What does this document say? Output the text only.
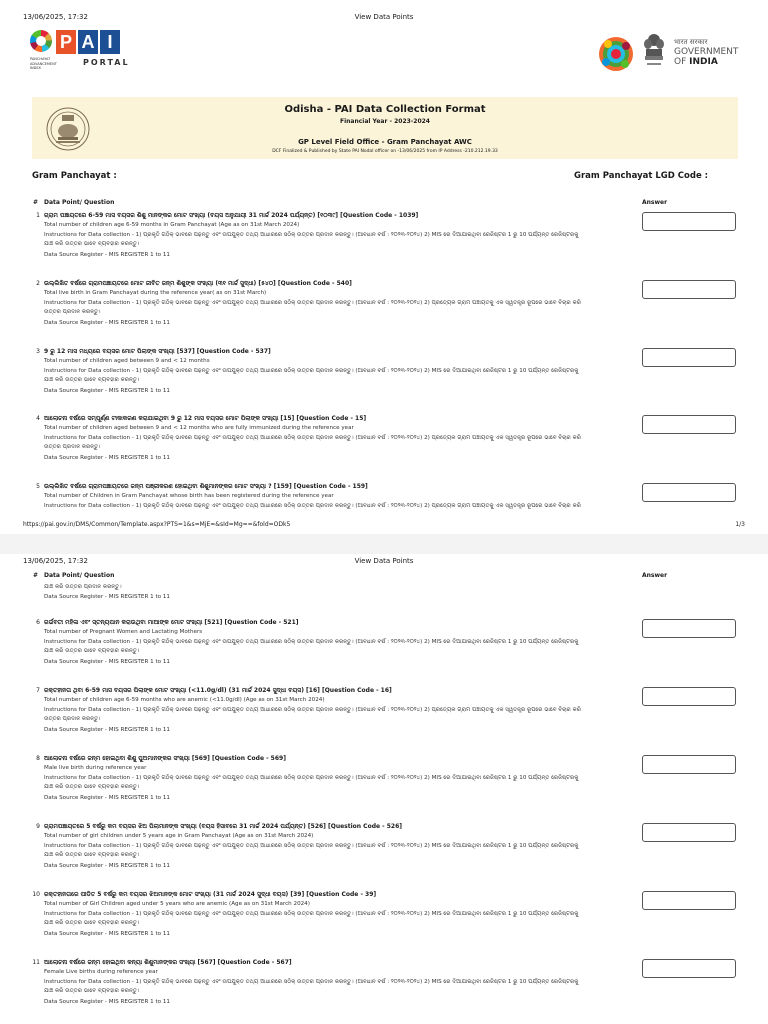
13/06/2025, 17:32	View Data Points
P A I
PANCHAYAT ADVANCEMENT INDEX
PORTAL
भारत सरकार
GOVERNMENT
OF INDIA
Odisha - PAI Data Collection Format
Financial Year - 2023-2024
GP Level Field Office - Gram Panchayat AWC
DCF Finalized & Published by State PAI Nodal officer on -13/06/2025 from IP Address -210.212.19.33
Gram Panchayat :	Gram Panchayat LGD Code :
# Data Point/ Question	Answer
1 ଗ୍ରାମ ପଞ୍ଚାୟତରେ 6-59 ମାସ ବୟସର ଶିଶୁ ମାନଙ୍କର ମୋଟ ସଂଖ୍ୟା (ବୟସ ଅନୁଯାୟୀ 31 ମାର୍ଚ୍ଚ 2024 ପର୍ଯ୍ୟନ୍ତ) [୧୦୩୯] [Question Code - 1039]
Total number of children age 6-59 months in Gram Panchayat (Age as on 31st March 2024)
Instructions for Data collection - 1) ପ୍ରକୃତି ଗଠିକ୍ ଭାବରେ ପଢ଼ନ୍ତୁ ଏବଂ ଉପଯୁକ୍ତ ତଥ୍ୟ ଆଧାରରେ ସଠିକ୍ ଉତ୍ତର ପ୍ରଦାନ କରନ୍ତୁ। (ଆବଧାନ ବର୍ଷ : ୨୦୨୩-୨୦୨୪) 2) MIS ରେ ଦିଆଯାଇଥିବା ରେଜିଷ୍ଟର 1 ରୁ 10 ପର୍ଯ୍ୟନ୍ତ ରେଜିଷ୍ଟରକୁ
ଯାଞ୍ଚ କରି ଉତ୍ତର ଭାବେ ବ୍ୟବହାର କରନ୍ତୁ।
Data Source Register - MIS REGISTER 1 to 11
2 ଉଲ୍ଲିଖିତ ବର୍ଷରେ ଗ୍ରାମପଞ୍ଚାୟତରେ ମୋଟ ଜୀବିତ ଜନ୍ମ ଶିଶୁଙ୍କ ସଂଖ୍ୟା (୩୧ ମାର୍ଚ୍ଚ ସୁଦ୍ଧା) [୫୪୦] [Question Code - 540]
Total live birth in Gram Panchayat during the reference year( as on 31st March)
Instructions for Data collection - 1) ପ୍ରକୃତି ଗଠିକ୍ ଭାବରେ ପଢ଼ନ୍ତୁ ଏବଂ ଉପଯୁକ୍ତ ତଥ୍ୟ ଆଧାରରେ ସଠିକ୍ ଉତ୍ତର ପ୍ରଦାନ କରନ୍ତୁ। (ଆବଧାନ ବର୍ଷ : ୨୦୨୩-୨୦୨୪) 2) ପ୍ରତ୍ୟେକ ଗ୍ରାମ ପଞ୍ଚାୟତକୁ ଏକ ସ୍ୱତନ୍ତ୍ର ରୂପରେ ଭାବେ ବିଚାର କରି
ଉତ୍ତର ପ୍ରଦାନ କରନ୍ତୁ।
Data Source Register - MIS REGISTER 1 to 11
3 9 ରୁ 12 ମାସ ମଧ୍ୟରେ ବୟସର ମୋଟ ପିଲାଙ୍କ ସଂଖ୍ୟା [537] [Question Code - 537]
Total number of children aged between 9 and < 12 months
Instructions for Data collection - 1) ପ୍ରକୃତି ଗଠିକ୍ ଭାବରେ ପଢ଼ନ୍ତୁ ଏବଂ ଉପଯୁକ୍ତ ତଥ୍ୟ ଆଧାରରେ ସଠିକ୍ ଉତ୍ତର ପ୍ରଦାନ କରନ୍ତୁ। (ଆବଧାନ ବର୍ଷ : ୨୦୨୩-୨୦୨୪) 2) MIS ରେ ଦିଆଯାଇଥିବା ରେଜିଷ୍ଟର 1 ରୁ 10 ପର୍ଯ୍ୟନ୍ତ ରେଜିଷ୍ଟରକୁ
ଯାଞ୍ଚ କରି ଉତ୍ତର ଭାବେ ବ୍ୟବହାର କରନ୍ତୁ।
Data Source Register - MIS REGISTER 1 to 11
4 ଆଲୋଚନା ବର୍ଷରେ ସମ୍ପୂର୍ଣ୍ଣ ଟୀକାକରଣ କରାଯାଇଥିବା 9 ରୁ 12 ମାସ ବୟସର ମୋଟ ପିଲାଙ୍କ ସଂଖ୍ୟା [15] [Question Code - 15]
Total number of children aged between 9 and < 12 months who are fully immunized during the reference year
Instructions for Data collection - 1) ପ୍ରକୃତି ଗଠିକ୍ ଭାବରେ ପଢ଼ନ୍ତୁ ଏବଂ ଉପଯୁକ୍ତ ତଥ୍ୟ ଆଧାରରେ ସଠିକ୍ ଉତ୍ତର ପ୍ରଦାନ କରନ୍ତୁ। (ଆବଧାନ ବର୍ଷ : ୨୦୨୩-୨୦୨୪) 2) ପ୍ରତ୍ୟେକ ଗ୍ରାମ ପଞ୍ଚାୟତକୁ ଏକ ସ୍ୱତନ୍ତ୍ର ରୂପରେ ଭାବେ ବିଚାର କରି
ଉତ୍ତର ପ୍ରଦାନ କରନ୍ତୁ।
Data Source Register - MIS REGISTER 1 to 11
5 ଉଲ୍ଲିଖିତ ବର୍ଷରେ ଗ୍ରାମପଞ୍ଚାୟତରେ ଜନ୍ମ ପଞ୍ଜୀକରଣ ହୋଇଥିବା ଶିଶୁମାନଙ୍କର ମୋଟ ସଂଖ୍ୟା ? [159] [Question Code - 159]
Total number of Children in Gram Panchayat whose birth has been registered during the reference year
Instructions for Data collection - 1) ପ୍ରକୃତି ଗଠିକ୍ ଭାବରେ ପଢ଼ନ୍ତୁ ଏବଂ ଉପଯୁକ୍ତ ତଥ୍ୟ ଆଧାରରେ ସଠିକ୍ ଉତ୍ତର ପ୍ରଦାନ କରନ୍ତୁ। (ଆବଧାନ ବର୍ଷ : ୨୦୨୩-୨୦୨୪) 2) ପ୍ରତ୍ୟେକ ଗ୍ରାମ ପଞ୍ଚାୟତକୁ ଏକ ସ୍ୱତନ୍ତ୍ର ରୂପରେ ଭାବେ ବିଚାର କରି
https://pai.gov.in/DMS/Common/Template.aspx?PTS=1&s=MjE=&sId=Mg==&fold=ODk5	1/3
13/06/2025, 17:32	View Data Points
# Data Point/ Question	Answer
ଯାଞ୍ଚ କରି ଉତ୍ତର ପ୍ରଦାନ କରନ୍ତୁ।
Data Source Register - MIS REGISTER 1 to 11
6 ଗର୍ଭବତୀ ମହିଳା ଏବଂ ସ୍ତନ୍ୟପାନ କରାଉଥିବା ମାଆଙ୍କ ମୋଟ ସଂଖ୍ୟା [521] [Question Code - 521]
Total number of Pregnant Women and Lactating Mothers
Instructions for Data collection - 1) ପ୍ରକୃତି ଗଠିକ୍ ଭାବରେ ପଢ଼ନ୍ତୁ ଏବଂ ଉପଯୁକ୍ତ ତଥ୍ୟ ଆଧାରରେ ସଠିକ୍ ଉତ୍ତର ପ୍ରଦାନ କରନ୍ତୁ। (ଆବଧାନ ବର୍ଷ : ୨୦୨୩-୨୦୨୪) 2) MIS ରେ ଦିଆଯାଇଥିବା ରେଜିଷ୍ଟର 1 ରୁ 10 ପର୍ଯ୍ୟନ୍ତ ରେଜିଷ୍ଟରକୁ
ଯାଞ୍ଚ କରି ଉତ୍ତର ଭାବେ ବ୍ୟବହାର କରନ୍ତୁ।
Data Source Register - MIS REGISTER 1 to 11
7 ରକ୍ତହୀନତା ଥିବା 6-59 ମାସ ବୟସର ପିଲାଙ୍କ ମୋଟ ସଂଖ୍ୟା (<11.0g/dl) (31 ମାର୍ଚ୍ଚ 2024 ସୁଦ୍ଧା ବୟସ) [16] [Question Code - 16]
Total number of children age 6-59 months who are anemic (<11.0g/dl) (Age as on 31st March 2024)
Instructions for Data collection - 1) ପ୍ରକୃତି ଗଠିକ୍ ଭାବରେ ପଢ଼ନ୍ତୁ ଏବଂ ଉପଯୁକ୍ତ ତଥ୍ୟ ଆଧାରରେ ସଠିକ୍ ଉତ୍ତର ପ୍ରଦାନ କରନ୍ତୁ। (ଆବଧାନ ବର୍ଷ : ୨୦୨୩-୨୦୨୪) 2) ପ୍ରତ୍ୟେକ ଗ୍ରାମ ପଞ୍ଚାୟତକୁ ଏକ ସ୍ୱତନ୍ତ୍ର ରୂପରେ ଭାବେ ବିଚାର କରି
ଉତ୍ତର ପ୍ରଦାନ କରନ୍ତୁ।
Data Source Register - MIS REGISTER 1 to 11
8 ଆଲୋଚନା ବର୍ଷରେ ଜନ୍ମ ହୋଇଥିବା ଶିଶୁ ପୁଅମାନଙ୍କର ସଂଖ୍ୟା [569] [Question Code - 569]
Male live birth during reference year
Instructions for Data collection - 1) ପ୍ରକୃତି ଗଠିକ୍ ଭାବରେ ପଢ଼ନ୍ତୁ ଏବଂ ଉପଯୁକ୍ତ ତଥ୍ୟ ଆଧାରରେ ସଠିକ୍ ଉତ୍ତର ପ୍ରଦାନ କରନ୍ତୁ। (ଆବଧାନ ବର୍ଷ : ୨୦୨୩-୨୦୨୪) 2) MIS ରେ ଦିଆଯାଇଥିବା ରେଜିଷ୍ଟର 1 ରୁ 10 ପର୍ଯ୍ୟନ୍ତ ରେଜିଷ୍ଟରକୁ
ଯାଞ୍ଚ କରି ଉତ୍ତର ଭାବେ ବ୍ୟବହାର କରନ୍ତୁ।
Data Source Register - MIS REGISTER 1 to 11
9 ଗ୍ରାମପଞ୍ଚାୟତରେ 5 ବର୍ଷରୁ କମ ବୟସର ଝିଅ ପିଲାମାନଙ୍କ ସଂଖ୍ୟା (ବୟସ ହିସାବରେ 31 ମାର୍ଚ୍ଚ 2024 ପର୍ଯ୍ୟନ୍ତ) [526] [Question Code - 526]
Total number of girl children under 5 years age in Gram Panchayat (Age as on 31st March 2024)
Instructions for Data collection - 1) ପ୍ରକୃତି ଗଠିକ୍ ଭାବରେ ପଢ଼ନ୍ତୁ ଏବଂ ଉପଯୁକ୍ତ ତଥ୍ୟ ଆଧାରରେ ସଠିକ୍ ଉତ୍ତର ପ୍ରଦାନ କରନ୍ତୁ। (ଆବଧାନ ବର୍ଷ : ୨୦୨୩-୨୦୨୪) 2) MIS ରେ ଦିଆଯାଇଥିବା ରେଜିଷ୍ଟର 1 ରୁ 10 ପର୍ଯ୍ୟନ୍ତ ରେଜିଷ୍ଟରକୁ
ଯାଞ୍ଚ କରି ଉତ୍ତର ଭାବେ ବ୍ୟବହାର କରନ୍ତୁ।
Data Source Register - MIS REGISTER 1 to 11
10 ରକ୍ତହୀନତାରେ ପୀଡିତ 5 ବର୍ଷରୁ କମ ବୟସର ଝିଅମାନଙ୍କ ମୋଟ ସଂଖ୍ୟା (31 ମାର୍ଚ୍ଚ 2024 ସୁଦ୍ଧା ବୟସ) [39] [Question Code - 39]
Total number of Girl Children aged under 5 years who are anemic (Age as on 31st March 2024)
Instructions for Data collection - 1) ପ୍ରକୃତି ଗଠିକ୍ ଭାବରେ ପଢ଼ନ୍ତୁ ଏବଂ ଉପଯୁକ୍ତ ତଥ୍ୟ ଆଧାରରେ ସଠିକ୍ ଉତ୍ତର ପ୍ରଦାନ କରନ୍ତୁ। (ଆବଧାନ ବର୍ଷ : ୨୦୨୩-୨୦୨୪) 2) MIS ରେ ଦିଆଯାଇଥିବା ରେଜିଷ୍ଟର 1 ରୁ 10 ପର୍ଯ୍ୟନ୍ତ ରେଜିଷ୍ଟରକୁ
ଯାଞ୍ଚ କରି ଉତ୍ତର ଭାବେ ବ୍ୟବହାର କରନ୍ତୁ।
Data Source Register - MIS REGISTER 1 to 11
11 ଆଲୋଚନା ବର୍ଷରେ ଜନ୍ମ ହୋଇଥିବା କନ୍ୟା ଶିଶୁମାନଙ୍କର ସଂଖ୍ୟା [567] [Question Code - 567]
Female Live births during reference year
Instructions for Data collection - 1) ପ୍ରକୃତି ଗଠିକ୍ ଭାବରେ ପଢ଼ନ୍ତୁ ଏବଂ ଉପଯୁକ୍ତ ତଥ୍ୟ ଆଧାରରେ ସଠିକ୍ ଉତ୍ତର ପ୍ରଦାନ କରନ୍ତୁ। (ଆବଧାନ ବର୍ଷ : ୨୦୨୩-୨୦୨୪) 2) MIS ରେ ଦିଆଯାଇଥିବା ରେଜିଷ୍ଟର 1 ରୁ 10 ପର୍ଯ୍ୟନ୍ତ ରେଜିଷ୍ଟରକୁ
ଯାଞ୍ଚ କରି ଉତ୍ତର ଭାବେ ବ୍ୟବହାର କରନ୍ତୁ।
Data Source Register - MIS REGISTER 1 to 11
